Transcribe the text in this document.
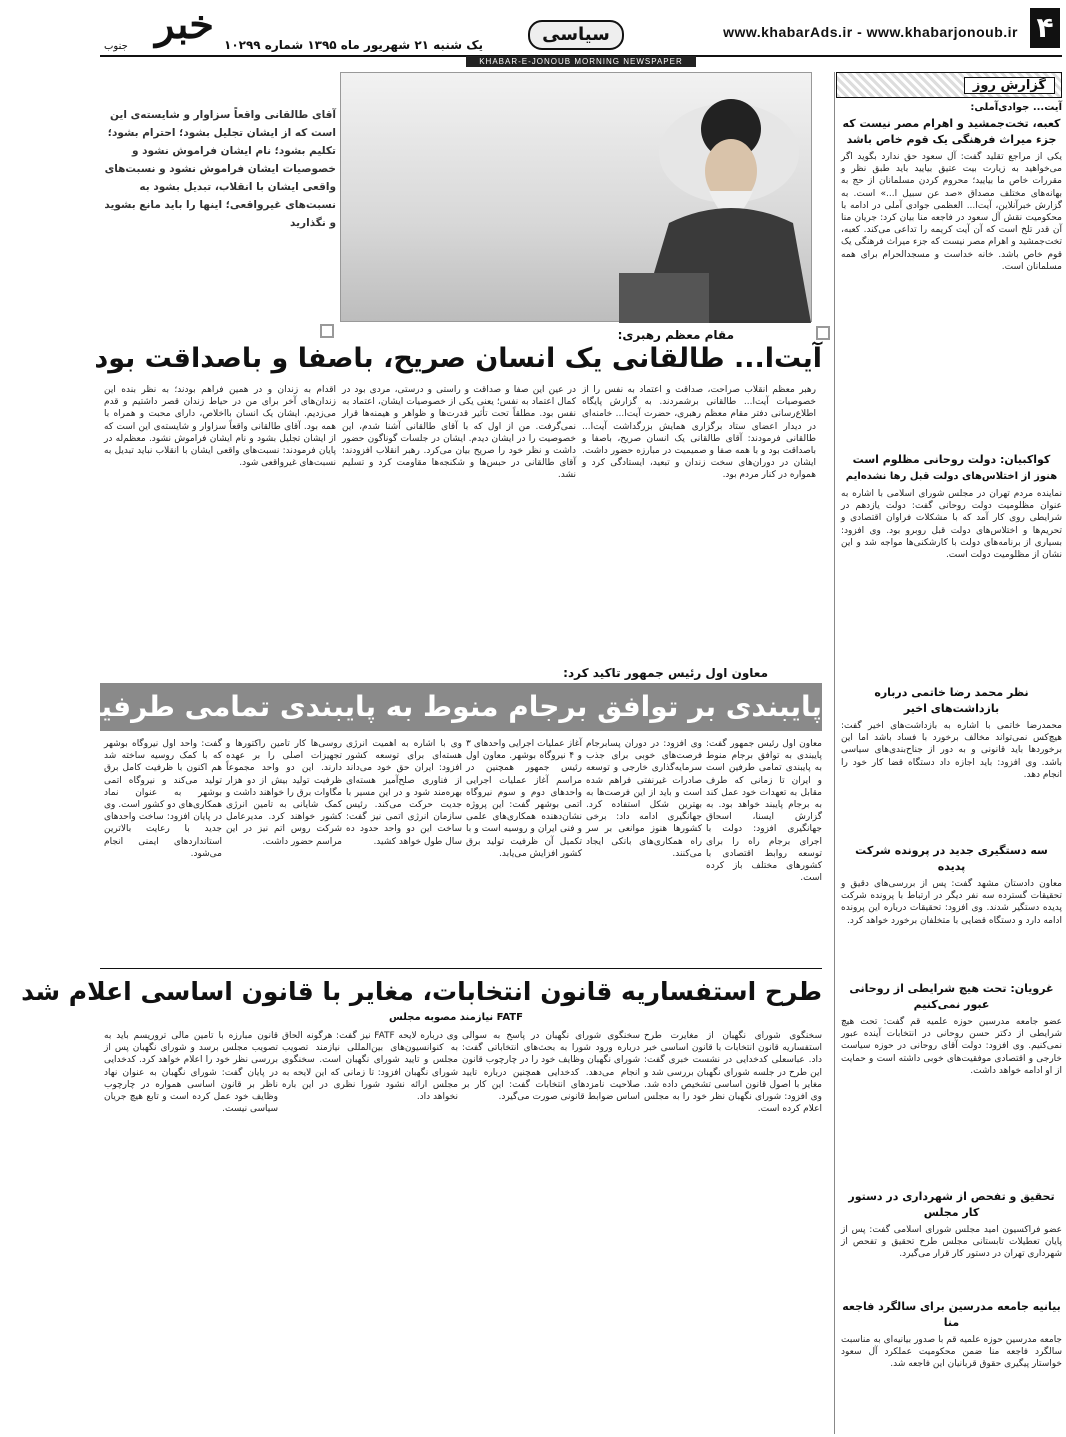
۴
www.khabarAds.ir - www.khabarjonoub.ir
سیاسی
یک شنبه ۲۱ شهریور ماه ۱۳۹۵ شماره ۱۰۲۹۹
خبر
جنوب
KHABAR-E-JONOUB MORNING NEWSPAPER
گزارش روز
آیت... جوادی‌آملی:
کعبه، تخت‌جمشید و اهرام مصر نیست که جزء میراث فرهنگی یک قوم خاص باشد
یکی از مراجع تقلید گفت: آل سعود حق ندارد بگوید اگر می‌خواهید به زیارت بیت عتیق بیایید باید طبق نظر و مقررات خاص ما بیایید؛ محروم کردن مسلمانان از حج به بهانه‌های مختلف مصداق «صد عن سبیل ا...» است. به گزارش خبرآنلاین، آیت‌ا... العظمی جوادی آملی در ادامه با محکومیت نقش آل سعود در فاجعه منا بیان کرد: جریان منا آن قدر تلخ است که آن آیت کریمه را تداعی می‌کند. کعبه، تخت‌جمشید و اهرام مصر نیست که جزء میراث فرهنگی یک قوم خاص باشد. خانه خداست و مسجدالحرام برای همه مسلمانان است.
کواکبیان: دولت روحانی مظلوم است
هنوز از اختلاس‌های دولت قبل رها نشده‌ایم
نماینده مردم تهران در مجلس شورای اسلامی با اشاره به عنوان مظلومیت دولت روحانی گفت: دولت یازدهم در شرایطی روی کار آمد که با مشکلات فراوان اقتصادی و تحریم‌ها و اختلاس‌های دولت قبل روبرو بود. وی افزود: بسیاری از برنامه‌های دولت با کارشکنی‌ها مواجه شد و این نشان از مظلومیت دولت است.
نظر محمد رضا خاتمی درباره بازداشت‌های اخیر
محمدرضا خاتمی با اشاره به بازداشت‌های اخیر گفت: هیچ‌کس نمی‌تواند مخالف برخورد با فساد باشد اما این برخوردها باید قانونی و به دور از جناح‌بندی‌های سیاسی باشد. وی افزود: باید اجازه داد دستگاه قضا کار خود را انجام دهد.
سه دستگیری جدید در پرونده شرکت پدیده
معاون دادستان مشهد گفت: پس از بررسی‌های دقیق و تحقیقات گسترده سه نفر دیگر در ارتباط با پرونده شرکت پدیده دستگیر شدند. وی افزود: تحقیقات درباره این پرونده ادامه دارد و دستگاه قضایی با متخلفان برخورد خواهد کرد.
غرویان: تحت هیچ شرایطی از روحانی عبور نمی‌کنیم
عضو جامعه مدرسین حوزه علمیه قم گفت: تحت هیچ شرایطی از دکتر حسن روحانی در انتخابات آینده عبور نمی‌کنیم. وی افزود: دولت آقای روحانی در حوزه سیاست خارجی و اقتصادی موفقیت‌های خوبی داشته است و حمایت از او ادامه خواهد داشت.
تحقیق و تفحص از شهرداری در دستور کار مجلس
عضو فراکسیون امید مجلس شورای اسلامی گفت: پس از پایان تعطیلات تابستانی مجلس طرح تحقیق و تفحص از شهرداری تهران در دستور کار قرار می‌گیرد.
بیانیه جامعه مدرسین برای سالگرد فاجعه منا
جامعه مدرسین حوزه علمیه قم با صدور بیانیه‌ای به مناسبت سالگرد فاجعه منا ضمن محکومیت عملکرد آل سعود خواستار پیگیری حقوق قربانیان این فاجعه شد.
آقای طالقانی واقعاً سزاوار و شایسته‌ی این است که از ایشان تجلیل بشود؛ احترام بشود؛ تکلیم بشود؛ نام ایشان فراموش نشود و خصوصیات ایشان فراموش نشود و نسبت‌های واقعی ایشان با انقلاب، تبدیل بشود به نسبت‌های غیرواقعی؛ اینها را باید مانع بشوید و نگذارید
مقام معظم رهبری:
آیت‌ا... طالقانی یک انسان صریح، باصفا و باصداقت بود
رهبر معظم انقلاب صراحت، صداقت و اعتماد به نفس را از خصوصیات آیت‌ا... طالقانی برشمردند. به گزارش پایگاه اطلاع‌رسانی دفتر مقام معظم رهبری، حضرت آیت‌ا... خامنه‌ای در دیدار اعضای ستاد برگزاری همایش بزرگداشت آیت‌ا... طالقانی فرمودند: آقای طالقانی یک انسان صریح، باصفا و باصداقت بود و با همه صفا و صمیمیت در مبارزه حضور داشت. ایشان در دوران‌های سخت زندان و تبعید، ایستادگی کرد و همواره در کنار مردم بود.
در عین این صفا و صداقت و راستی و درستی، مردی بود در کمال اعتماد به نفس؛ یعنی یکی از خصوصیات ایشان، اعتماد به نفس بود. مطلقاً تحت تأثیر قدرت‌ها و ظواهر و هیمنه‌ها قرار نمی‌گرفت. من از اول که با آقای طالقانی آشنا شدم، این خصوصیت را در ایشان دیدم. ایشان در جلسات گوناگون حضور داشت و نظر خود را صریح بیان می‌کرد. رهبر انقلاب افزودند: آقای طالقانی در حبس‌ها و شکنجه‌ها مقاومت کرد و تسلیم نشد.
اقدام به زندان و در همین فراهم بودند؛ به نظر بنده این زندان‌های آخر برای من در حیاط زندان قصر داشتیم و قدم می‌زدیم. ایشان یک انسان بااخلاص، دارای محبت و همراه با همه بود. آقای طالقانی واقعاً سزاوار و شایسته‌ی این است که از ایشان تجلیل بشود و نام ایشان فراموش نشود. معظم‌له در پایان فرمودند: نسبت‌های واقعی ایشان با انقلاب نباید تبدیل به نسبت‌های غیرواقعی شود.
معاون اول رئیس جمهور تاکید کرد:
پایبندی بر توافق برجام منوط به پایبندی تمامی طرفین است
معاون اول رئیس جمهور گفت: پایبندی به توافق برجام منوط به پایبندی تمامی طرفین است و ایران تا زمانی که طرف مقابل به تعهدات خود عمل کند به برجام پایبند خواهد بود. به گزارش ایسنا، اسحاق جهانگیری افزود: دولت با اجرای برجام راه را برای توسعه روابط اقتصادی با کشورهای مختلف باز کرده است.
وی افزود: در دوران پسابرجام فرصت‌های خوبی برای جذب سرمایه‌گذاری خارجی و توسعه صادرات غیرنفتی فراهم شده است و باید از این فرصت‌ها به بهترین شکل استفاده کرد. جهانگیری ادامه داد: برخی کشورها هنوز موانعی بر سر راه همکاری‌های بانکی ایجاد می‌کنند.
آغاز عملیات اجرایی واحدهای ۳ و ۴ نیروگاه بوشهر. معاون اول رئیس جمهور همچنین در مراسم آغاز عملیات اجرایی واحدهای دوم و سوم نیروگاه اتمی بوشهر گفت: این پروژه نشان‌دهنده همکاری‌های علمی و فنی ایران و روسیه است و با تکمیل آن ظرفیت تولید برق کشور افزایش می‌یابد.
وی با اشاره به اهمیت انرژی هسته‌ای برای توسعه کشور افزود: ایران حق خود می‌داند از فناوری صلح‌آمیز هسته‌ای بهره‌مند شود و در این مسیر با جدیت حرکت می‌کند. رئیس سازمان انرژی اتمی نیز گفت: ساخت این دو واحد حدود ده سال طول خواهد کشید.
روسی‌ها کار تامین راکتورها و تجهیزات اصلی را بر عهده دارند. این دو واحد مجموعاً ظرفیت تولید بیش از دو هزار مگاوات برق را خواهند داشت و کمک شایانی به تامین انرژی کشور خواهند کرد. مدیرعامل شرکت روس اتم نیز در این مراسم حضور داشت.
گفت: واحد اول نیروگاه بوشهر که با کمک روسیه ساخته شد هم اکنون با ظرفیت کامل برق تولید می‌کند و نیروگاه اتمی بوشهر به عنوان نماد همکاری‌های دو کشور است. وی در پایان افزود: ساخت واحدهای جدید با رعایت بالاترین استانداردهای ایمنی انجام می‌شود.
طرح استفساریه قانون انتخابات، مغایر با قانون اساسی اعلام شد
FATF نیازمند مصوبه مجلس
سخنگوی شورای نگهبان از مغایرت طرح استفساریه قانون انتخابات با قانون اساسی خبر داد. عباسعلی کدخدایی در نشست خبری گفت: این طرح در جلسه شورای نگهبان بررسی شد و مغایر با اصول قانون اساسی تشخیص داده شد. وی افزود: شورای نگهبان نظر خود را به مجلس اعلام کرده است.
سخنگوی شورای نگهبان در پاسخ به سوالی درباره ورود شورا به بحث‌های انتخاباتی گفت: شورای نگهبان وظایف خود را در چارچوب قانون انجام می‌دهد. کدخدایی همچنین درباره تایید صلاحیت نامزدهای انتخابات گفت: این کار بر اساس ضوابط قانونی صورت می‌گیرد.
وی درباره لایحه FATF نیز گفت: هرگونه الحاق به کنوانسیون‌های بین‌المللی نیازمند تصویب مجلس و تایید شورای نگهبان است. سخنگوی شورای نگهبان افزود: تا زمانی که این لایحه به مجلس ارائه نشود شورا نظری در این باره نخواهد داد.
قانون مبارزه با تامین مالی تروریسم باید به تصویب مجلس برسد و شورای نگهبان پس از بررسی نظر خود را اعلام خواهد کرد. کدخدایی در پایان گفت: شورای نگهبان به عنوان نهاد ناظر بر قانون اساسی همواره در چارچوب وظایف خود عمل کرده است و تابع هیچ جریان سیاسی نیست.
